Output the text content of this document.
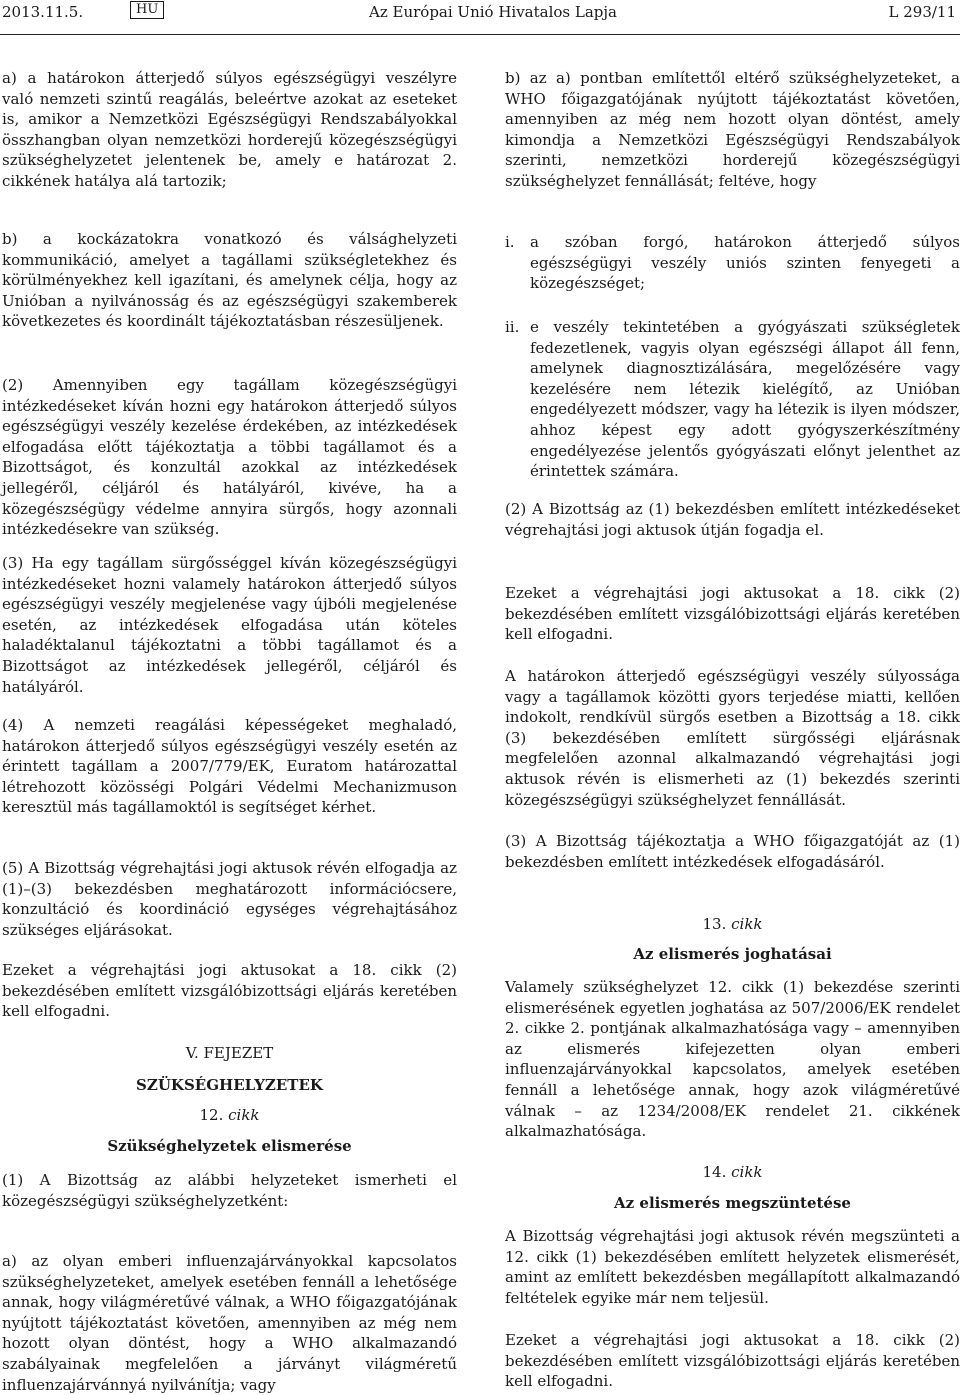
2013.11.5.	HU	Az Európai Unió Hivatalos Lapja	L 293/11

a) a határokon átterjedő súlyos egészségügyi veszélyre való nemzeti szintű reagálás, beleértve azokat az eseteket is, amikor a Nemzetközi Egészségügyi Rendszabályokkal összhangban olyan nemzetközi horderejű közegészségügyi szükséghelyzetet jelentenek be, amely e határozat 2. cikkének hatálya alá tartozik;

b) a kockázatokra vonatkozó és válsághelyzeti kommunikáció, amelyet a tagállami szükségletekhez és körülményekhez kell igazítani, és amelynek célja, hogy az Unióban a nyilvánosság és az egészségügyi szakemberek következetes és koordinált tájékoztatásban részesüljenek.

(2) Amennyiben egy tagállam közegészségügyi intézkedéseket kíván hozni egy határokon átterjedő súlyos egészségügyi veszély kezelése érdekében, az intézkedések elfogadása előtt tájékoztatja a többi tagállamot és a Bizottságot, és konzultál azokkal az intézkedések jellegéről, céljáról és hatályáról, kivéve, ha a közegészségügy védelme annyira sürgős, hogy azonnali intézkedésekre van szükség.

(3) Ha egy tagállam sürgősséggel kíván közegészségügyi intézkedéseket hozni valamely határokon átterjedő súlyos egészségügyi veszély megjelenése vagy újbóli megjelenése esetén, az intézkedések elfogadása után köteles haladéktalanul tájékoztatni a többi tagállamot és a Bizottságot az intézkedések jellegéről, céljáról és hatályáról.

(4) A nemzeti reagálási képességeket meghaladó, határokon átterjedő súlyos egészségügyi veszély esetén az érintett tagállam a 2007/779/EK, Euratom határozattal létrehozott közösségi Polgári Védelmi Mechanizmuson keresztül más tagállamoktól is segítséget kérhet.

(5) A Bizottság végrehajtási jogi aktusok révén elfogadja az (1)–(3) bekezdésben meghatározott információcsere, konzultáció és koordináció egységes végrehajtásához szükséges eljárásokat.

Ezeket a végrehajtási jogi aktusokat a 18. cikk (2) bekezdésében említett vizsgálóbizottsági eljárás keretében kell elfogadni.

V. FEJEZET

SZÜKSÉGHELYZETEK

12. cikk

Szükséghelyzetek elismerése

(1) A Bizottság az alábbi helyzeteket ismerheti el közegészségügyi szükséghelyzetként:

a) az olyan emberi influenzajárványokkal kapcsolatos szükséghelyzeteket, amelyek esetében fennáll a lehetősége annak, hogy világméretűvé válnak, a WHO főigazgatójának nyújtott tájékoztatást követően, amennyiben az még nem hozott olyan döntést, hogy a WHO alkalmazandó szabályainak megfelelően a járványt világméretű influenzajárvánnyá nyilvánítja; vagy

b) az a) pontban említettől eltérő szükséghelyzeteket, a WHO főigazgatójának nyújtott tájékoztatást követően, amennyiben az még nem hozott olyan döntést, amely kimondja a Nemzetközi Egészségügyi Rendszabályok szerinti, nemzetközi horderejű közegészségügyi szükséghelyzet fennállását; feltéve, hogy

i.	a szóban forgó, határokon átterjedő súlyos egészségügyi veszély uniós szinten fenyegeti a közegészséget;

ii. e veszély tekintetében a gyógyászati szükségletek fedezetlenek, vagyis olyan egészségi állapot áll fenn, amelynek diagnosztizálására, megelőzésére vagy kezelésére nem létezik kielégítő, az Unióban engedélyezett módszer, vagy ha létezik is ilyen módszer, ahhoz képest egy adott gyógyszerkészítmény engedélyezése jelentős gyógyászati előnyt jelenthet az érintettek számára.

(2) A Bizottság az (1) bekezdésben említett intézkedéseket végrehajtási jogi aktusok útján fogadja el.

Ezeket a végrehajtási jogi aktusokat a 18. cikk (2) bekezdésében említett vizsgálóbizottsági eljárás keretében kell elfogadni.

A határokon átterjedő egészségügyi veszély súlyossága vagy a tagállamok közötti gyors terjedése miatti, kellően indokolt, rendkívül sürgős esetben a Bizottság a 18. cikk (3) bekezdésében említett sürgősségi eljárásnak megfelelően azonnal alkalmazandó végrehajtási jogi aktusok révén is elismerheti az (1) bekezdés szerinti közegészségügyi szükséghelyzet fennállását.

(3) A Bizottság tájékoztatja a WHO főigazgatóját az (1) bekezdésben említett intézkedések elfogadásáról.

13. cikk

Az elismerés joghatásai

Valamely szükséghelyzet 12. cikk (1) bekezdése szerinti elismerésének egyetlen joghatása az 507/2006/EK rendelet 2. cikke 2. pontjának alkalmazhatósága vagy – amennyiben az elismerés kifejezetten olyan emberi influenzajárványokkal kapcsolatos, amelyek esetében fennáll a lehetősége annak, hogy azok világméretűvé válnak – az 1234/2008/EK rendelet 21. cikkének alkalmazhatósága.

14. cikk

Az elismerés megszüntetése

A Bizottság végrehajtási jogi aktusok révén megszünteti a 12. cikk (1) bekezdésében említett helyzetek elismerését, amint az említett bekezdésben megállapított alkalmazandó feltételek egyike már nem teljesül.

Ezeket a végrehajtási jogi aktusokat a 18. cikk (2) bekezdésében említett vizsgálóbizottsági eljárás keretében kell elfogadni.
